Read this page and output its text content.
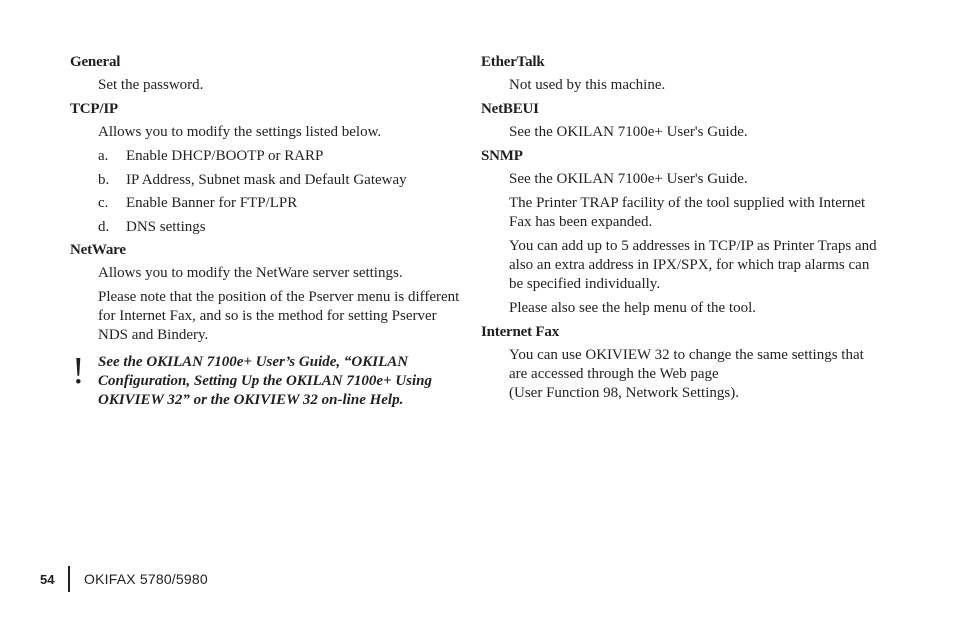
General

Set the password.

TCP/IP

Allows you to modify the settings listed below.

a.	Enable DHCP/BOOTP or RARP
b.	IP Address, Subnet mask and Default Gateway
c.	Enable Banner for FTP/LPR
d.	DNS settings
NetWare

Allows you to modify the NetWare server settings.

Please note that the position of the Pserver menu is different for Internet Fax, and so is the method for setting Pserver NDS and Bindery.

! See the OKILAN 7100e+ User’s Guide, “OKILAN Configuration, Setting Up the OKILAN 7100e+ Using OKIVIEW 32” or the OKIVIEW 32 on-line Help.
EtherTalk

Not used by this machine.

NetBEUI

See the OKILAN 7100e+ User's Guide.

SNMP

See the OKILAN 7100e+ User's Guide.

The Printer TRAP facility of the tool supplied with Internet Fax has been expanded.

You can add up to 5 addresses in TCP/IP as Printer Traps and also an extra address in IPX/SPX, for which trap alarms can be specified individually.

Please also see the help menu of the tool.

Internet Fax

You can use OKIVIEW 32 to change the same settings that are accessed through the Web page
(User Function 98, Network Settings).

54	OKIFAX 5780/5980
